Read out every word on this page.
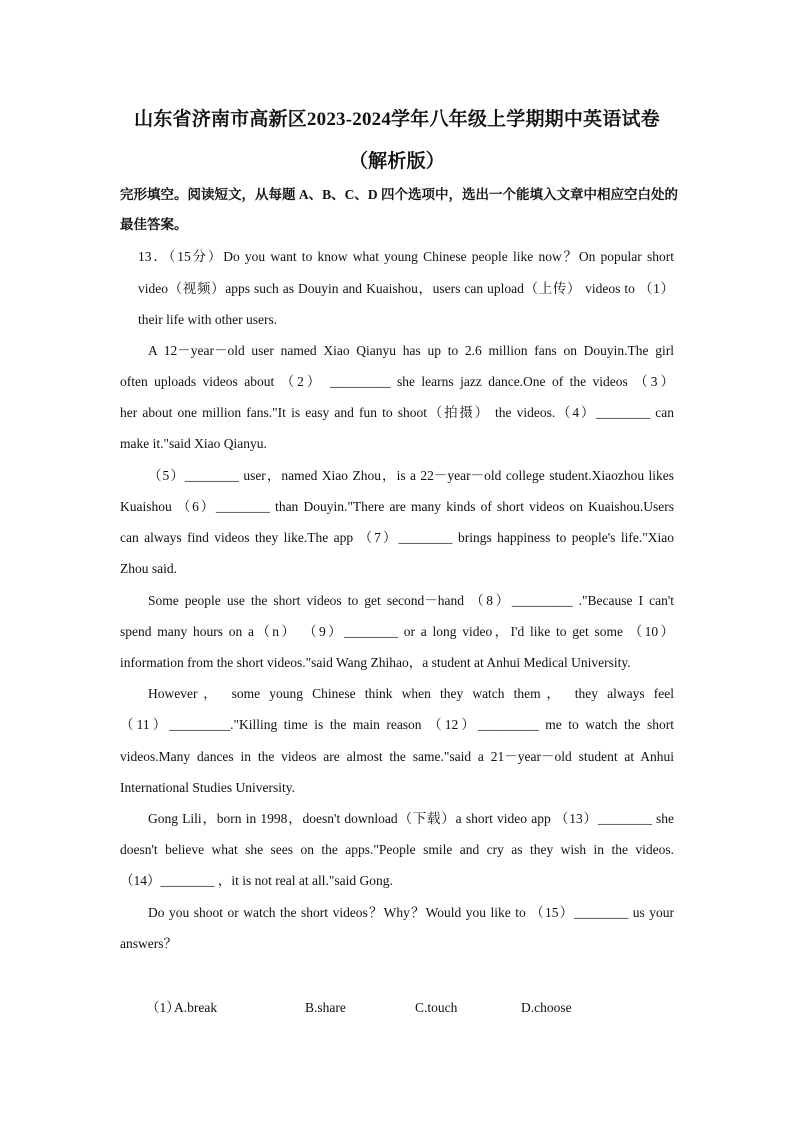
山东省济南市高新区2023-2024学年八年级上学期期中英语试卷
（解析版）
完形填空。阅读短文，从每题 A、B、C、D 四个选项中，选出一个能填入文章中相应空白处的最佳答案。
13．（15分）Do you want to know what young Chinese people like now？On popular short
video（视频）apps such as Douyin and Kuaishou，users can upload（上传） videos to （1）
their life with other users.
A 12－year－old user named Xiao Qianyu has up to 2.6 million fans on Douyin.The girl
often uploads videos about （2） _________ she learns jazz dance.One of the videos （3）
her about one million fans."It is easy and fun to shoot（拍摄） the videos.（4）________ can
make it."said Xiao Qianyu.
（5）________ user，named Xiao Zhou，is a 22－year－old college student.Xiaozhou likes
Kuaishou （6）________ than Douyin."There are many kinds of short videos on Kuaishou.Users
can always find videos they like.The app （7）________ brings happiness to people's life."Xiao
Zhou said.
Some people use the short videos to get second－hand （8）_________ ."Because I can't
spend many hours on a（n） （9）________ or a long video，I'd like to get some （10）
information from the short videos."said Wang Zhihao，a student at Anhui Medical University.
However， some young Chinese think when they watch them， they always feel
（11）_________."Killing time is the main reason （12）_________ me to watch the short
videos.Many dances in the videos are almost the same."said a 21－year－old student at Anhui
International Studies University.
Gong Lili，born in 1998，doesn't download（下载）a short video app （13）________ she
doesn't believe what she sees on the apps."People smile and cry as they wish in the videos.
（14）________ ，it is not real at all."said Gong.
Do you shoot or watch the short videos？Why？Would you like to （15）________ us your
answers？
（1）
A.break	B.share	C.touch	D.choose
